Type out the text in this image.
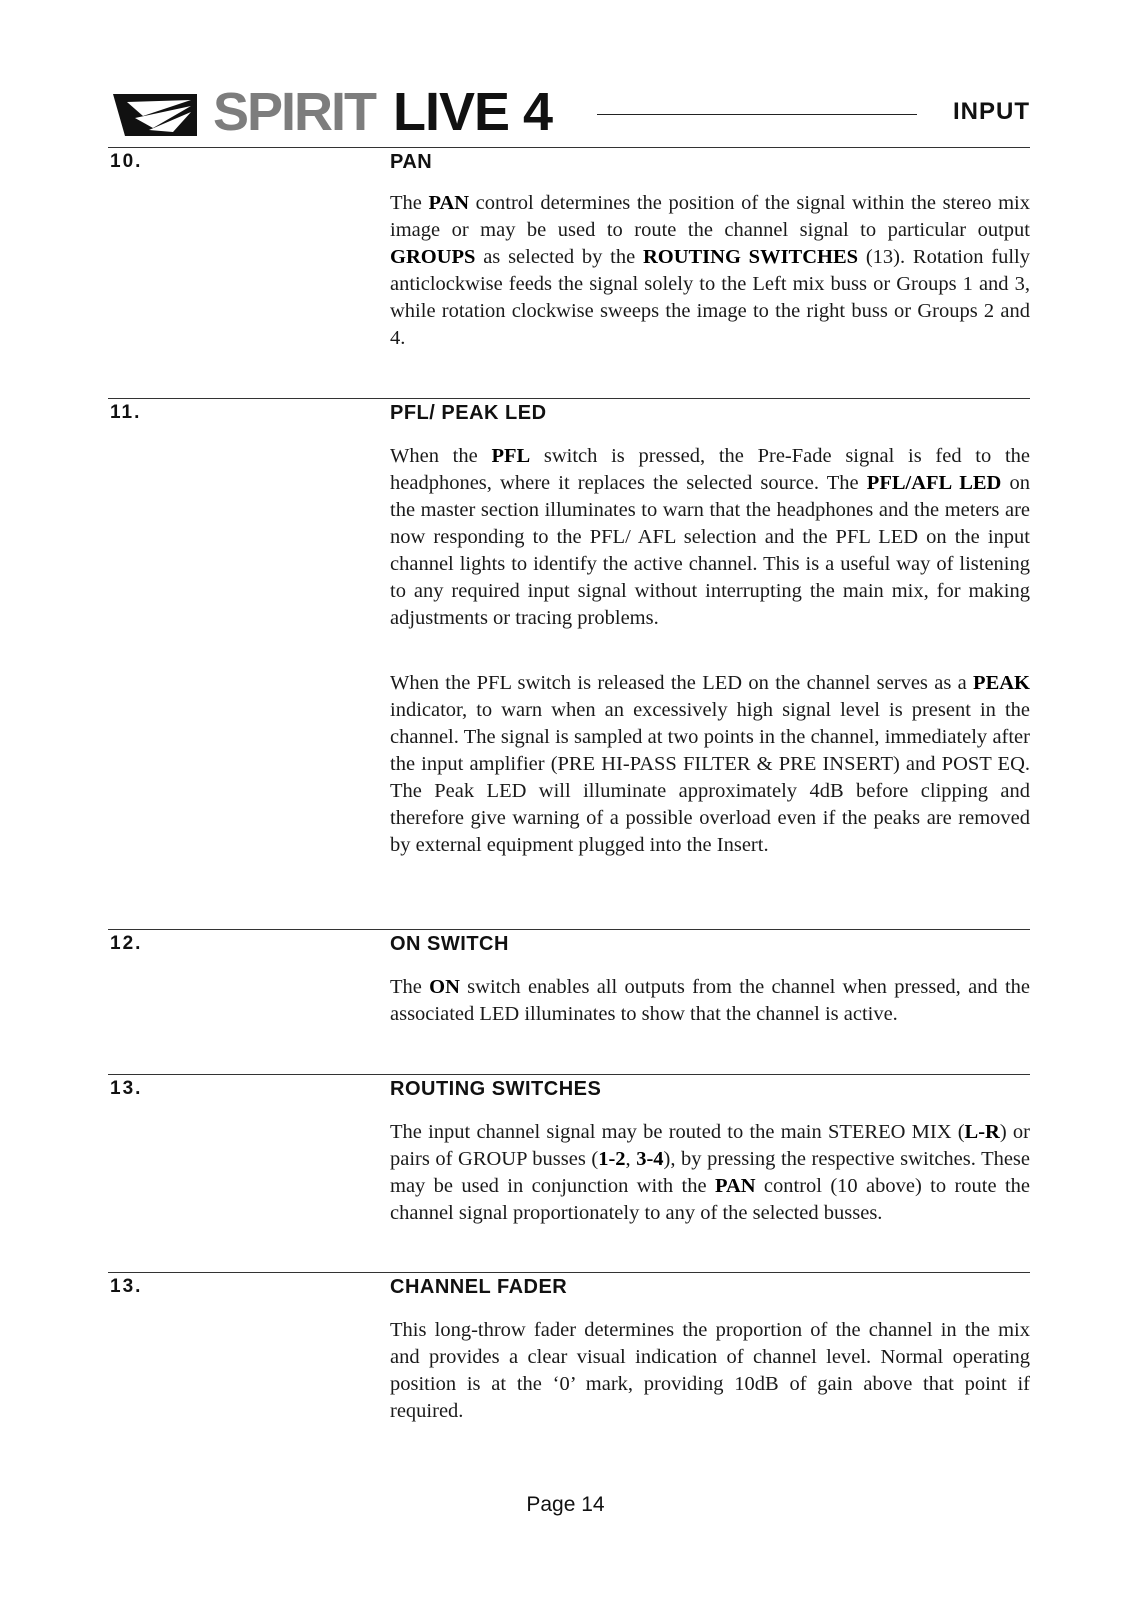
SPIRIT LIVE 4	INPUT
10.	PAN

The PAN control determines the position of the signal within the stereo mix image or may be used to route the channel signal to particular output GROUPS as selected by the ROUTING SWITCHES (13). Rotation fully anticlockwise feeds the signal solely to the Left mix buss or Groups 1 and 3, while rotation clockwise sweeps the image to the right buss or Groups 2 and 4.

11.	PFL/ PEAK LED

When the PFL switch is pressed, the Pre-Fade signal is fed to the headphones, where it replaces the selected source. The PFL/AFL LED on the master section illuminates to warn that the headphones and the meters are now responding to the PFL/ AFL selection and the PFL LED on the input channel lights to identify the active channel. This is a useful way of listening to any required input signal without interrupting the main mix, for making adjustments or tracing problems.

When the PFL switch is released the LED on the channel serves as a PEAK indicator, to warn when an excessively high signal level is present in the channel. The signal is sampled at two points in the channel, immediately after the input amplifier (PRE HI-PASS FILTER & PRE INSERT) and POST EQ. The Peak LED will illuminate approximately 4dB before clipping and therefore give warning of a possible overload even if the peaks are removed by external equipment plugged into the Insert.

12.	ON SWITCH

The ON switch enables all outputs from the channel when pressed, and the associated LED illuminates to show that the channel is active.

13.	ROUTING SWITCHES

The input channel signal may be routed to the main STEREO MIX (L-R) or pairs of GROUP busses (1-2, 3-4), by pressing the respective switches. These may be used in conjunction with the PAN control (10 above) to route the channel signal proportionately to any of the selected busses.

13.	CHANNEL FADER

This long-throw fader determines the proportion of the channel in the mix and provides a clear visual indication of channel level. Normal operating position is at the ‘0’ mark, providing 10dB of gain above that point if required.

Page 14
